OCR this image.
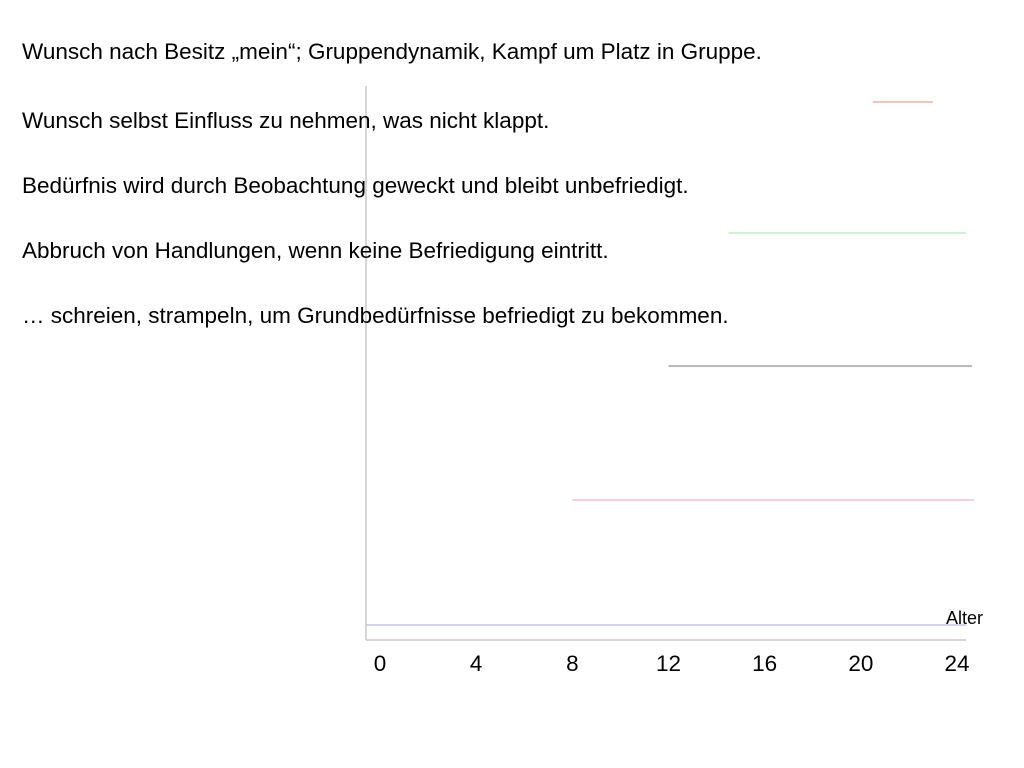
Wunsch nach Besitz „mein“; Gruppendynamik, Kampf um Platz in Gruppe.

Wunsch selbst Einfluss zu nehmen, was nicht klappt.

Bedürfnis wird durch Beobachtung geweckt und bleibt unbefriedigt.

Abbruch von Handlungen, wenn keine Befriedigung eintritt.

… schreien, strampeln, um Grundbedürfnisse befriedigt zu bekommen.

Alter
0	4	8	12	16	20	24
